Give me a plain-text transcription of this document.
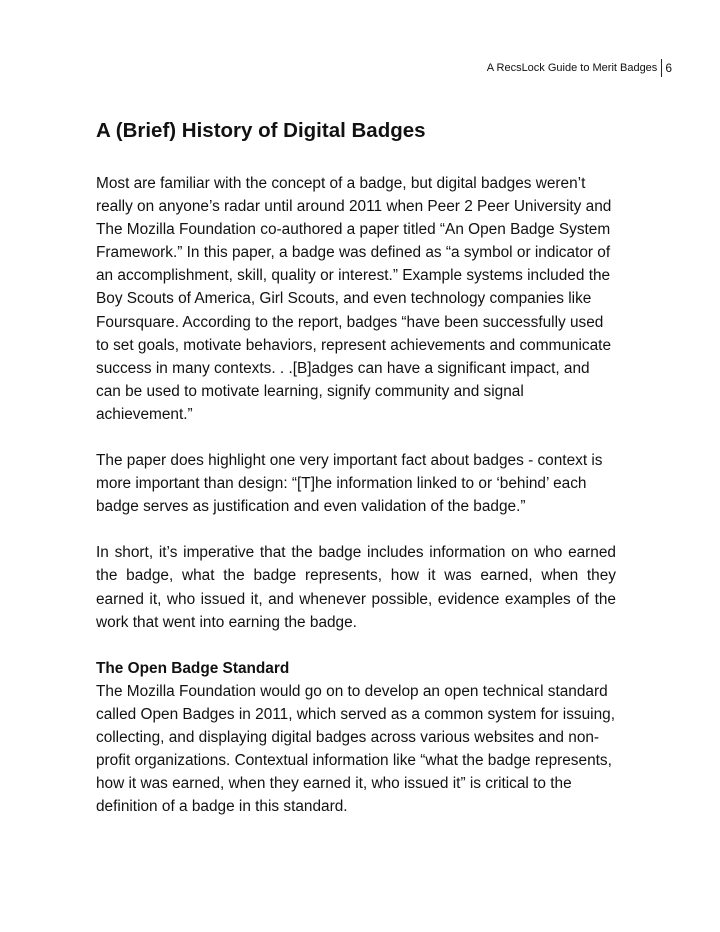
A RecsLock Guide to Merit Badges 6
A (Brief) History of Digital Badges

Most are familiar with the concept of a badge, but digital badges weren’t really on anyone’s radar until around 2011 when Peer 2 Peer University and The Mozilla Foundation co-authored a paper titled “An Open Badge System Framework.” In this paper, a badge was defined as “a symbol or indicator of an accomplishment, skill, quality or interest.” Example systems included the Boy Scouts of America, Girl Scouts, and even technology companies like Foursquare. According to the report, badges “have been successfully used to set goals, motivate behaviors, represent achievements and communicate success in many contexts. . .[B]adges can have a significant impact, and can be used to motivate learning, signify community and signal achievement.”

The paper does highlight one very important fact about badges - context is more important than design: “[T]he information linked to or ‘behind’ each badge serves as justification and even validation of the badge.”

In short, it’s imperative that the badge includes information on who earned the badge, what the badge represents, how it was earned, when they earned it, who issued it, and whenever possible, evidence examples of the work that went into earning the badge.

The Open Badge Standard

The Mozilla Foundation would go on to develop an open technical standard called Open Badges in 2011, which served as a common system for issuing, collecting, and displaying digital badges across various websites and non-profit organizations. Contextual information like “what the badge represents, how it was earned, when they earned it, who issued it” is critical to the definition of a badge in this standard.
